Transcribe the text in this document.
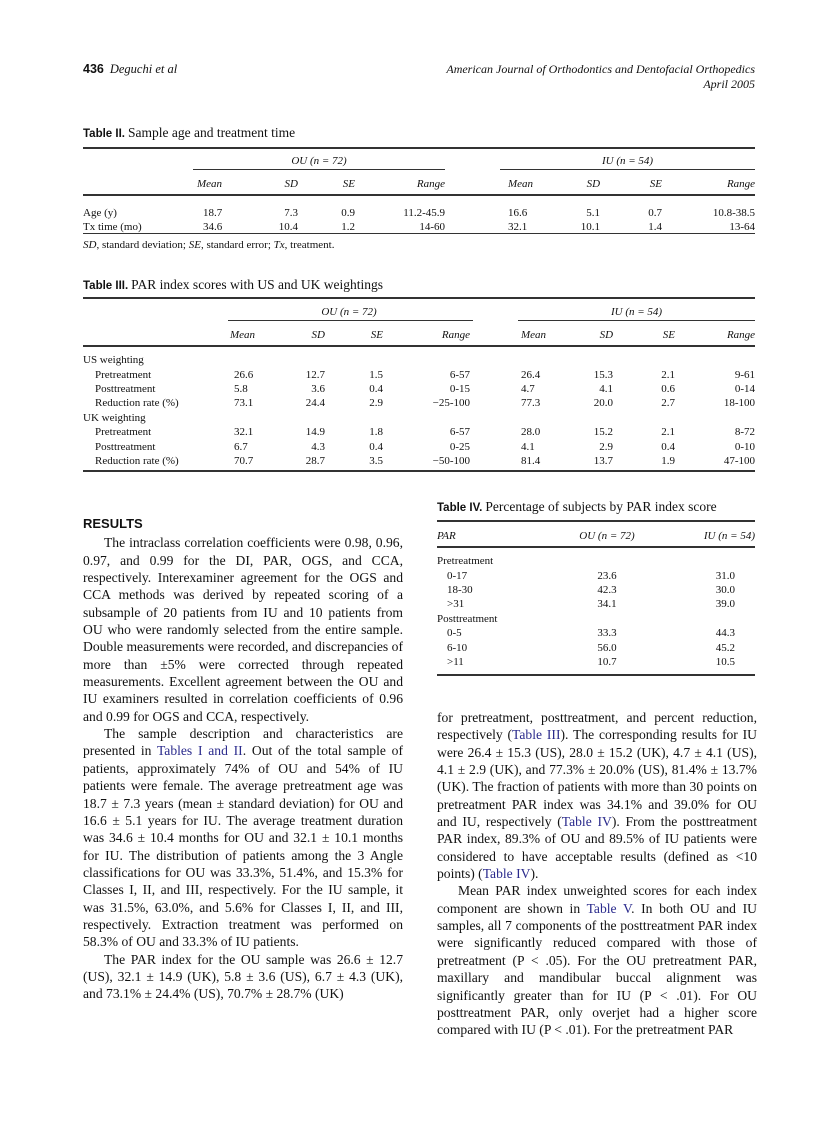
436 Deguchi et al	American Journal of Orthodontics and Dentofacial Orthopedics
April 2005
Table II. Sample age and treatment time
	OU (n = 72)					IU (n = 54)			
	Mean	SD	SE	Range		Mean	SD	SE	Range

Age (y)	18.7	7.3	0.9	11.2-45.9		16.6	5.1	0.7	10.8-38.5
Tx time (mo)	34.6	10.4	1.2	14-60		32.1	10.1	1.4	13-64
SD, standard deviation; SE, standard error; Tx, treatment.
Table III. PAR index scores with US and UK weightings
	OU (n = 72)					IU (n = 54)			
	Mean	SD	SE	Range		Mean	SD	SE	Range

US weighting									
Pretreatment	26.6	12.7	1.5	6-57		26.4	15.3	2.1	9-61
Posttreatment	5.8	3.6	0.4	0-15		4.7	4.1	0.6	0-14
Reduction rate (%)	73.1	24.4	2.9	−25-100		77.3	20.0	2.7	18-100
UK weighting									
Pretreatment	32.1	14.9	1.8	6-57		28.0	15.2	2.1	8-72
Posttreatment	6.7	4.3	0.4	0-25		4.1	2.9	0.4	0-10
Reduction rate (%)	70.7	28.7	3.5	−50-100		81.4	13.7	1.9	47-100
Table IV. Percentage of subjects by PAR index score
PAR	OU (n = 72)	IU (n = 54)

Pretreatment		
0-17	23.6	31.0
18-30	42.3	30.0
>31	34.1	39.0
Posttreatment		
0-5	33.3	44.3
6-10	56.0	45.2
>11	10.7	10.5
RESULTS

The intraclass correlation coefficients were 0.98, 0.96, 0.97, and 0.99 for the DI, PAR, OGS, and CCA, respectively. Interexaminer agreement for the OGS and CCA methods was derived by repeated scoring of a subsample of 20 patients from IU and 10 patients from OU who were randomly selected from the entire sample. Double measurements were recorded, and discrepancies of more than ±5% were corrected through repeated measurements. Excellent agreement between the OU and IU examiners resulted in correlation coefficients of 0.96 and 0.99 for OGS and CCA, respectively.

The sample description and characteristics are presented in Tables I and II. Out of the total sample of patients, approximately 74% of OU and 54% of IU patients were female. The average pretreatment age was 18.7 ± 7.3 years (mean ± standard deviation) for OU and 16.6 ± 5.1 years for IU. The average treatment duration was 34.6 ± 10.4 months for OU and 32.1 ± 10.1 months for IU. The distribution of patients among the 3 Angle classifications for OU was 33.3%, 51.4%, and 15.3% for Classes I, II, and III, respectively. For the IU sample, it was 31.5%, 63.0%, and 5.6% for Classes I, II, and III, respectively. Extraction treatment was performed on 58.3% of OU and 33.3% of IU patients.

The PAR index for the OU sample was 26.6 ± 12.7 (US), 32.1 ± 14.9 (UK), 5.8 ± 3.6 (US), 6.7 ± 4.3 (UK), and 73.1% ± 24.4% (US), 70.7% ± 28.7% (UK)

for pretreatment, posttreatment, and percent reduction, respectively (Table III). The corresponding results for IU were 26.4 ± 15.3 (US), 28.0 ± 15.2 (UK), 4.7 ± 4.1 (US), 4.1 ± 2.9 (UK), and 77.3% ± 20.0% (US), 81.4% ± 13.7% (UK). The fraction of patients with more than 30 points on pretreatment PAR index was 34.1% and 39.0% for OU and IU, respectively (Table IV). From the posttreatment PAR index, 89.3% of OU and 89.5% of IU patients were considered to have acceptable results (defined as <10 points) (Table IV).

Mean PAR index unweighted scores for each index component are shown in Table V. In both OU and IU samples, all 7 components of the posttreatment PAR index were significantly reduced compared with those of pretreatment (P < .05). For the OU pretreatment PAR, maxillary and mandibular buccal alignment was significantly greater than for IU (P < .01). For OU posttreatment PAR, only overjet had a higher score compared with IU (P < .01). For the pretreatment PAR
